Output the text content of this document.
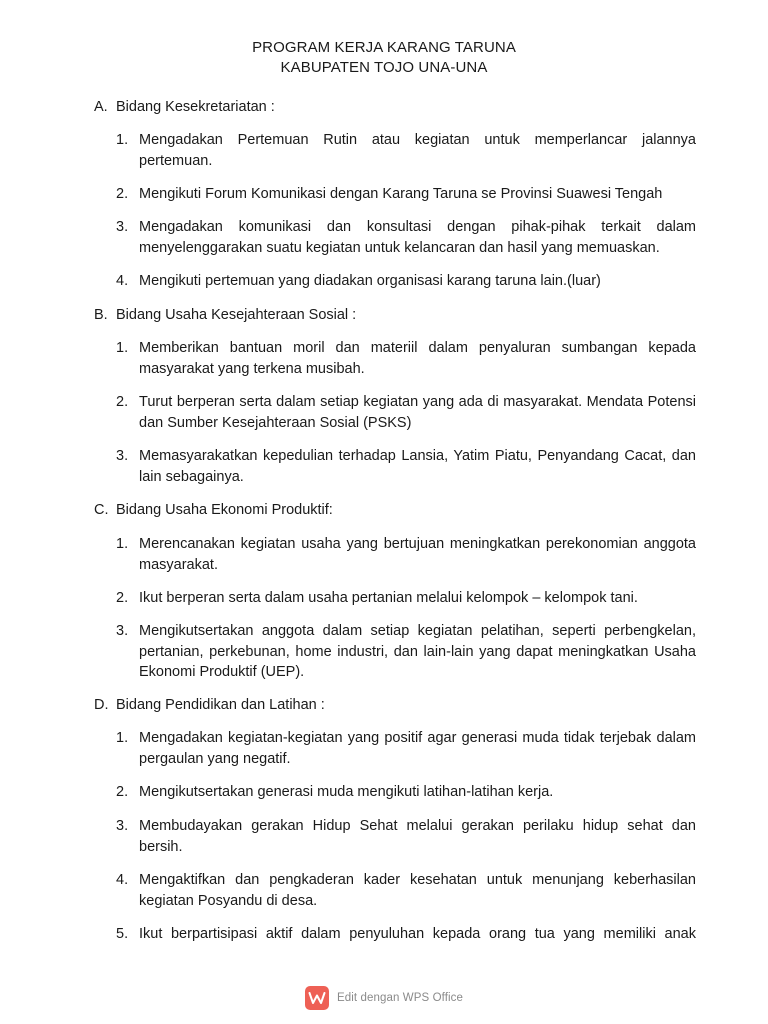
PROGRAM KERJA KARANG TARUNA
KABUPATEN TOJO UNA-UNA
A. Bidang Kesekretariatan :
1. Mengadakan Pertemuan Rutin atau kegiatan untuk memperlancar jalannya pertemuan.
2. Mengikuti Forum Komunikasi dengan Karang Taruna se Provinsi Suawesi Tengah
3. Mengadakan komunikasi dan konsultasi dengan pihak-pihak terkait dalam menyelenggarakan suatu kegiatan untuk kelancaran dan hasil yang memuaskan.
4. Mengikuti pertemuan yang diadakan organisasi karang taruna lain.(luar)
B. Bidang Usaha Kesejahteraan Sosial :
1. Memberikan bantuan moril dan materiil dalam penyaluran sumbangan kepada masyarakat yang terkena musibah.
2. Turut berperan serta dalam setiap kegiatan yang ada di masyarakat. Mendata Potensi dan Sumber Kesejahteraan Sosial (PSKS)
3. Memasyarakatkan kepedulian terhadap Lansia, Yatim Piatu, Penyandang Cacat, dan lain sebagainya.
C. Bidang Usaha Ekonomi Produktif:
1. Merencanakan kegiatan usaha yang bertujuan meningkatkan perekonomian anggota masyarakat.
2. Ikut berperan serta dalam usaha pertanian melalui kelompok – kelompok tani.
3. Mengikutsertakan anggota dalam setiap kegiatan pelatihan, seperti perbengkelan, pertanian, perkebunan, home industri, dan lain-lain yang dapat meningkatkan Usaha Ekonomi Produktif (UEP).
D. Bidang Pendidikan dan Latihan :
1. Mengadakan kegiatan-kegiatan yang positif agar generasi muda tidak terjebak dalam pergaulan yang negatif.
2. Mengikutsertakan generasi muda mengikuti latihan-latihan kerja.
3. Membudayakan gerakan Hidup Sehat melalui gerakan perilaku hidup sehat dan bersih.
4. Mengaktifkan dan pengkaderan kader kesehatan untuk menunjang keberhasilan kegiatan Posyandu di desa.
5. Ikut berpartisipasi aktif dalam penyuluhan kepada orang tua yang memiliki anak
Edit dengan WPS Office
